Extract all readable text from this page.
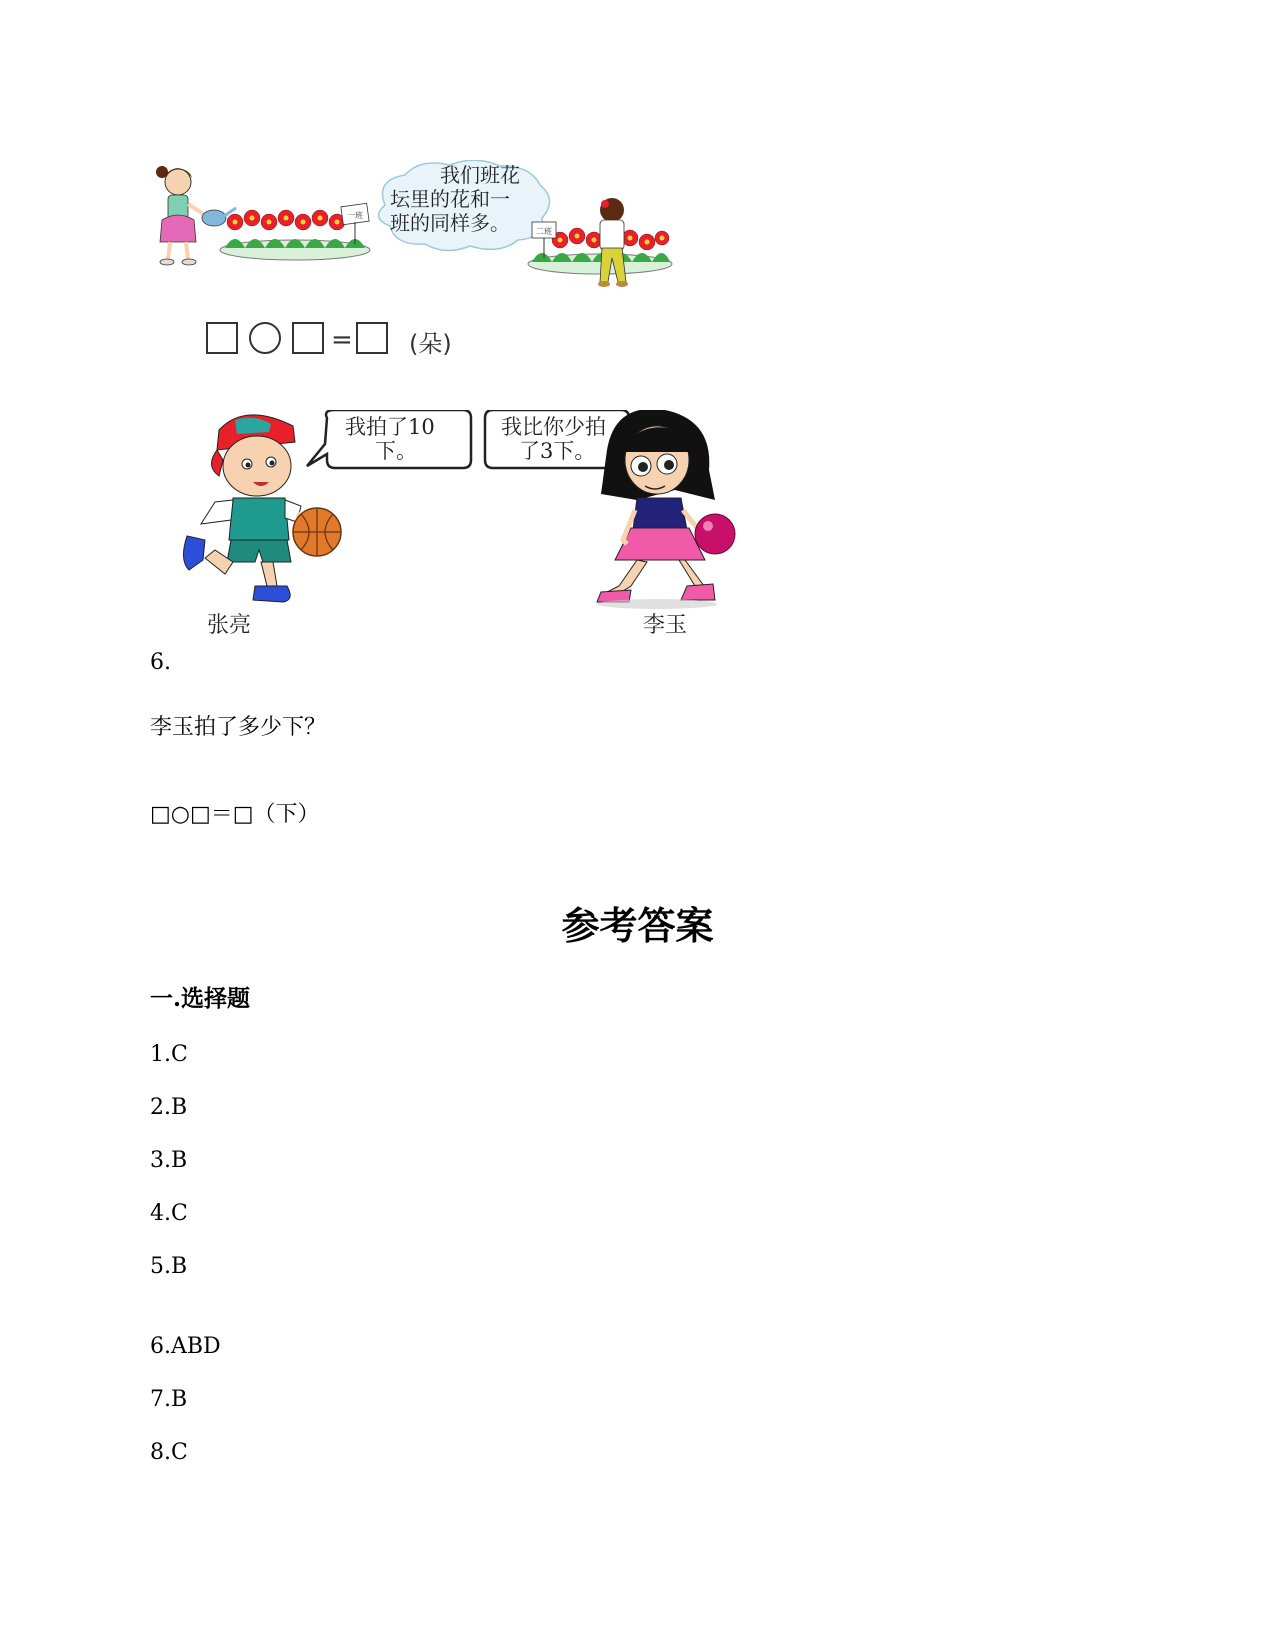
一班
我们班花
坛里的花和一
班的同样多。	二班
= (朵)
我拍了10
下。
我比你少拍
了3下。
张亮	李玉
6.
李玉拍了多少下？
□○□＝□（下）
参考答案
一.选择题
1.C
2.B
3.B
4.C
5.B
6.ABD
7.B
8.C
